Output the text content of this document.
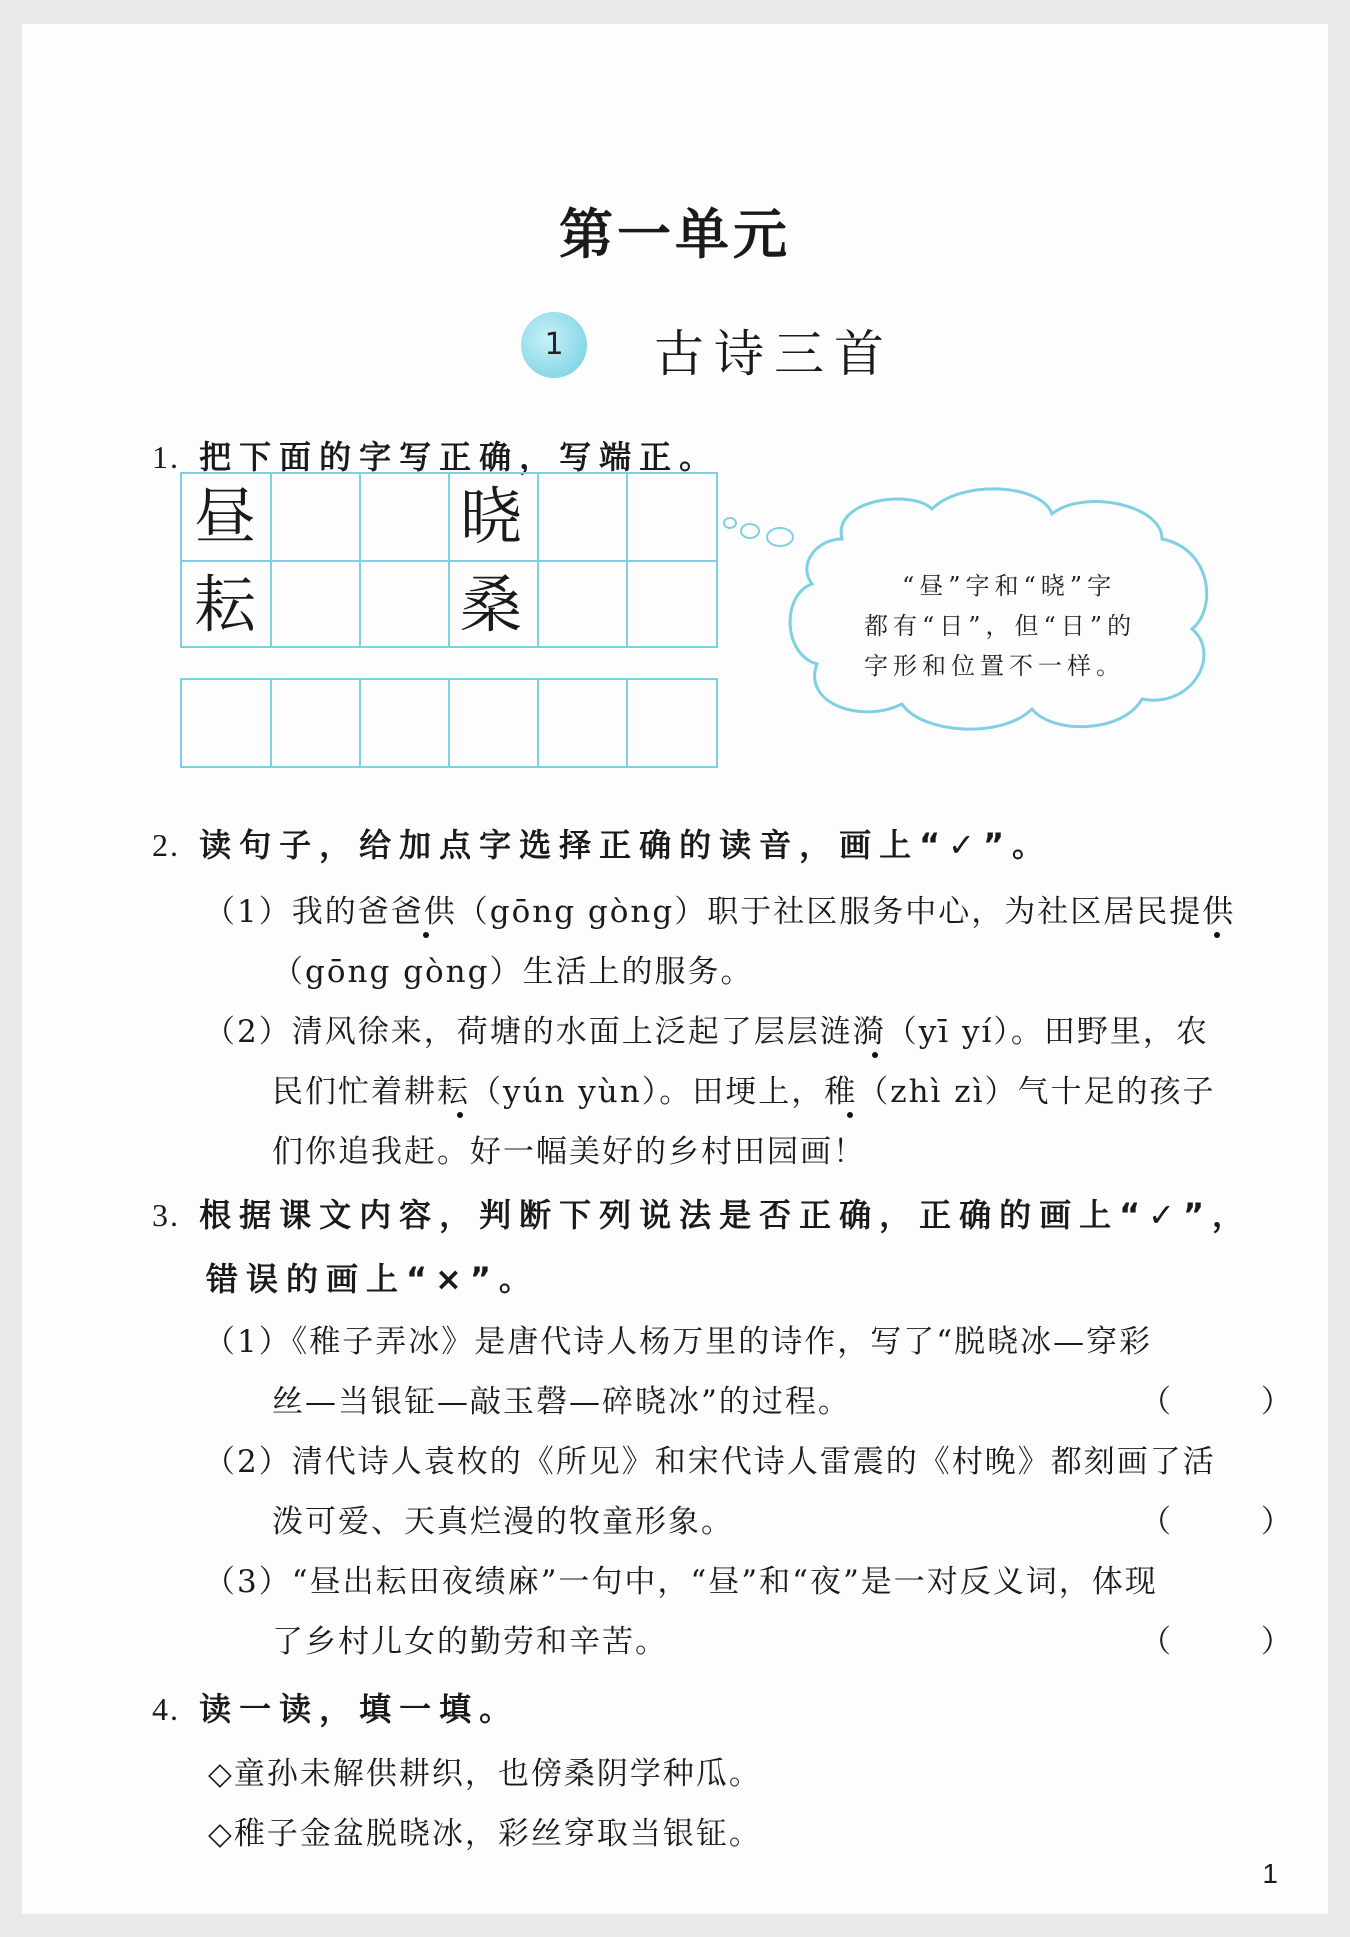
第一单元
1	古诗三首
1. 把下面的字写正确，写端正。
昼	晓
耘	桑	“昼”字和“晓”字
都有“日”，但“日”的
字形和位置不一样。
2. 读句子，给加点字选择正确的读音，画上“✓”。
（1）我的爸爸供（gōng gòng）职于社区服务中心，为社区居民提供
（gōng gòng）生活上的服务。
（2）清风徐来，荷塘的水面上泛起了层层涟漪（yī yí）。田野里，农
民们忙着耕耘（yún yùn）。田埂上，稚（zhì zì）气十足的孩子
们你追我赶。好一幅美好的乡村田园画！
3. 根据课文内容，判断下列说法是否正确，正确的画上“✓”，
错误的画上“×”。
（1）《稚子弄冰》是唐代诗人杨万里的诗作，写了“脱晓冰—穿彩
丝—当银钲—敲玉磬—碎晓冰”的过程。	（ ）
（2）清代诗人袁枚的《所见》和宋代诗人雷震的《村晚》都刻画了活
泼可爱、天真烂漫的牧童形象。	（ ）
（3）“昼出耘田夜绩麻”一句中，“昼”和“夜”是一对反义词，体现
了乡村儿女的勤劳和辛苦。	（ ）
4. 读一读，填一填。
◇童孙未解供耕织，也傍桑阴学种瓜。
◇稚子金盆脱晓冰，彩丝穿取当银钲。
1
